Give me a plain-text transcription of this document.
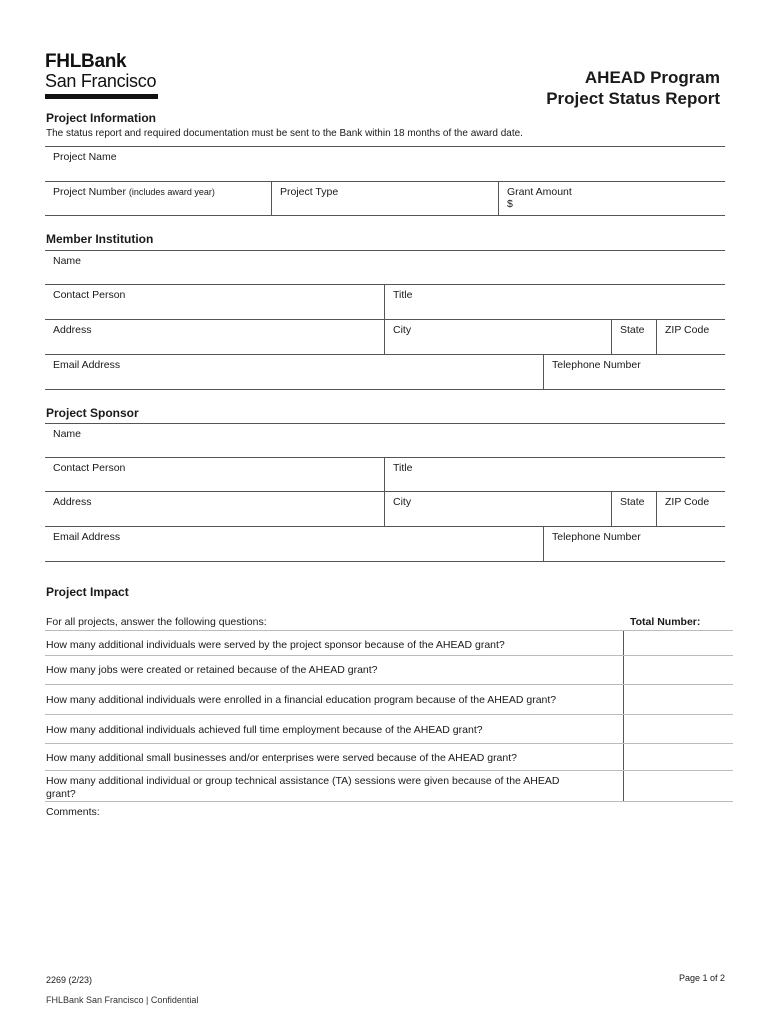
FHLBank
San Francisco	AHEAD Program
Project Status Report
Project Information
The status report and required documentation must be sent to the Bank within 18 months of the award date.
Project Name
Project Number (includes award year)	Project Type	Grant Amount
$
Member Institution
Name
Contact Person	Title
Address	City	State	ZIP Code
Email Address	Telephone Number
Project Sponsor
Name
Contact Person	Title
Address	City	State	ZIP Code
Email Address	Telephone Number
Project Impact
For all projects, answer the following questions:	Total Number:
How many additional individuals were served by the project sponsor because of the AHEAD grant?
How many jobs were created or retained because of the AHEAD grant?
How many additional individuals were enrolled in a financial education program because of the AHEAD grant?
How many additional individuals achieved full time employment because of the AHEAD grant?
How many additional small businesses and/or enterprises were served because of the AHEAD grant?
How many additional individual or group technical assistance (TA) sessions were given because of the AHEAD grant?
Comments:
2269 (2/23)	Page 1 of 2
FHLBank San Francisco | Confidential
